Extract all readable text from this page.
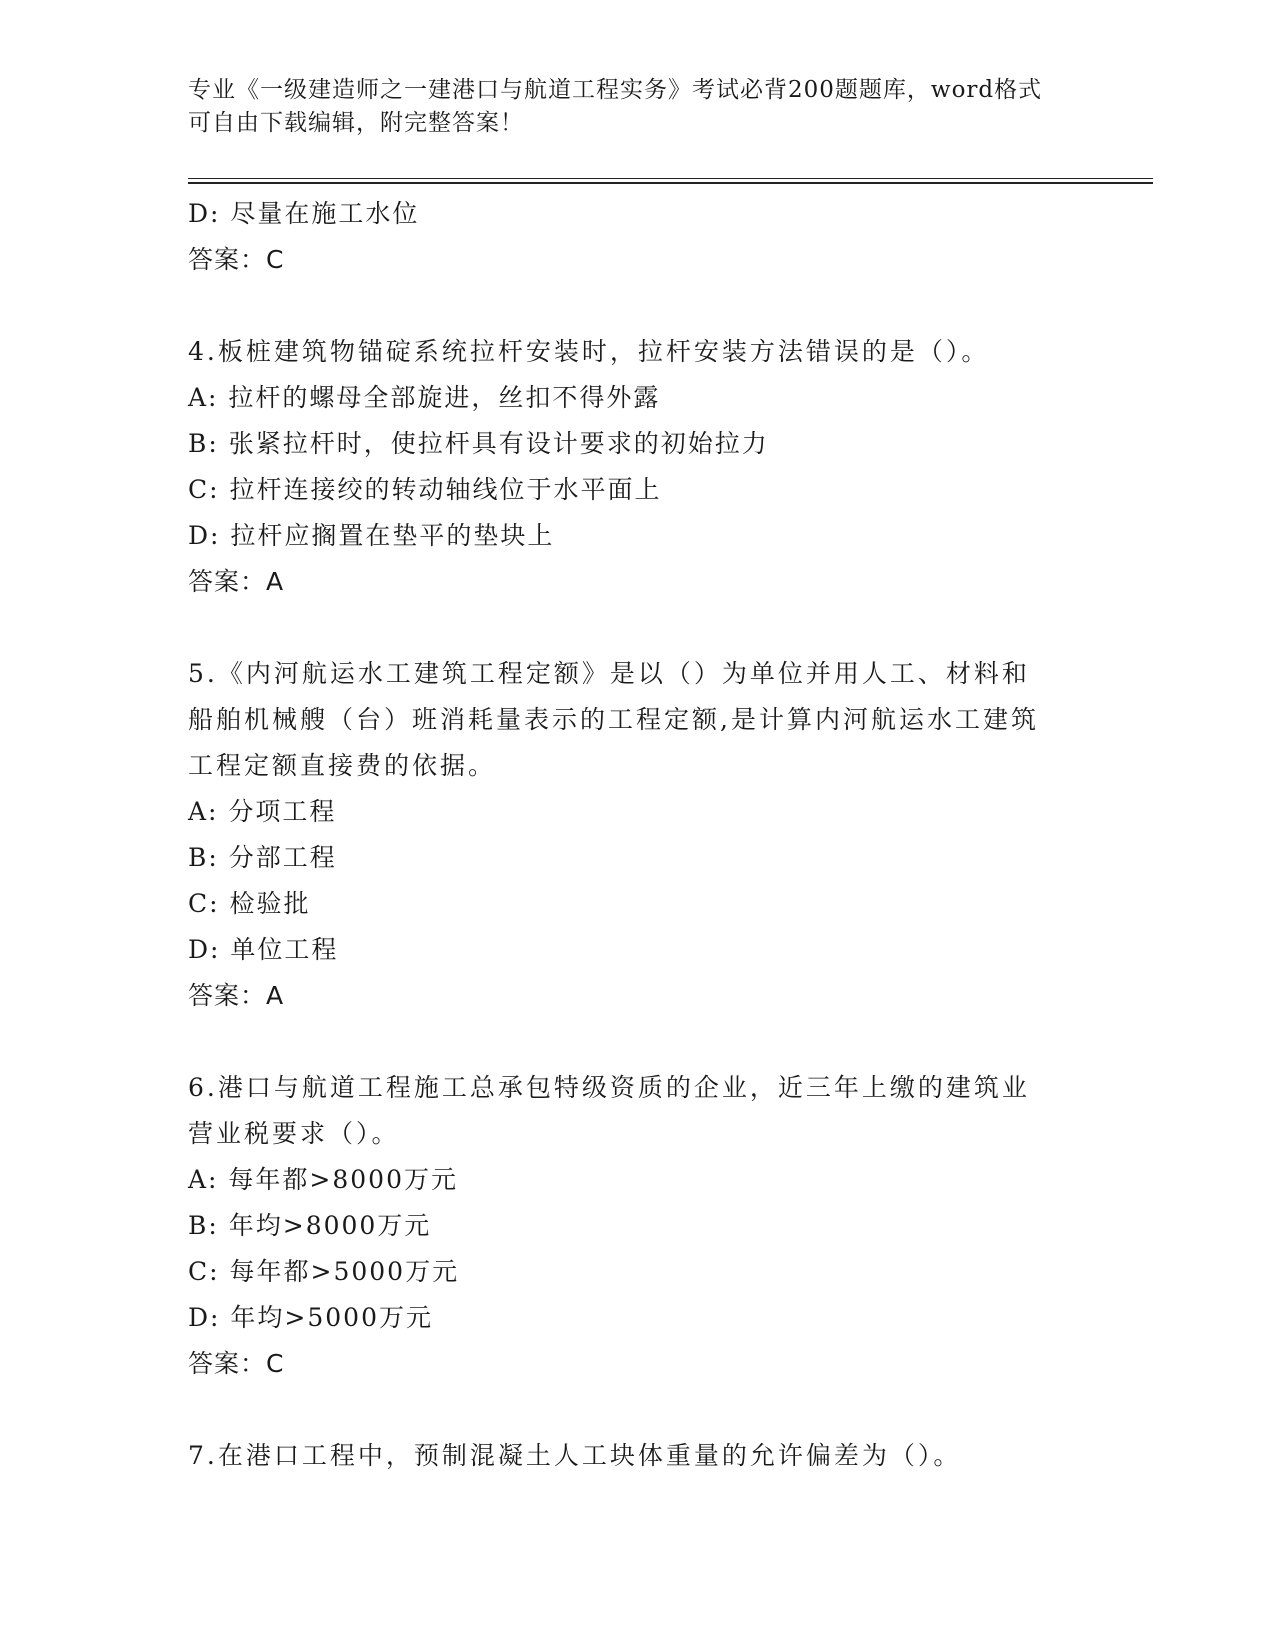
专业《一级建造师之一建港口与航道工程实务》考试必背200题题库，word格式
可自由下载编辑，附完整答案！
D: 尽量在施工水位
答案：C
4.板桩建筑物锚碇系统拉杆安装时，拉杆安装方法错误的是（）。
A: 拉杆的螺母全部旋进，丝扣不得外露
B: 张紧拉杆时，使拉杆具有设计要求的初始拉力
C: 拉杆连接绞的转动轴线位于水平面上
D: 拉杆应搁置在垫平的垫块上
答案：A
5.《内河航运水工建筑工程定额》是以（）为单位并用人工、材料和
船舶机械艘（台）班消耗量表示的工程定额,是计算内河航运水工建筑
工程定额直接费的依据。
A: 分项工程
B: 分部工程
C: 检验批
D: 单位工程
答案：A
6.港口与航道工程施工总承包特级资质的企业，近三年上缴的建筑业
营业税要求（）。
A: 每年都>8000万元
B: 年均>8000万元
C: 每年都>5000万元
D: 年均>5000万元
答案：C
7.在港口工程中，预制混凝土人工块体重量的允许偏差为（）。
